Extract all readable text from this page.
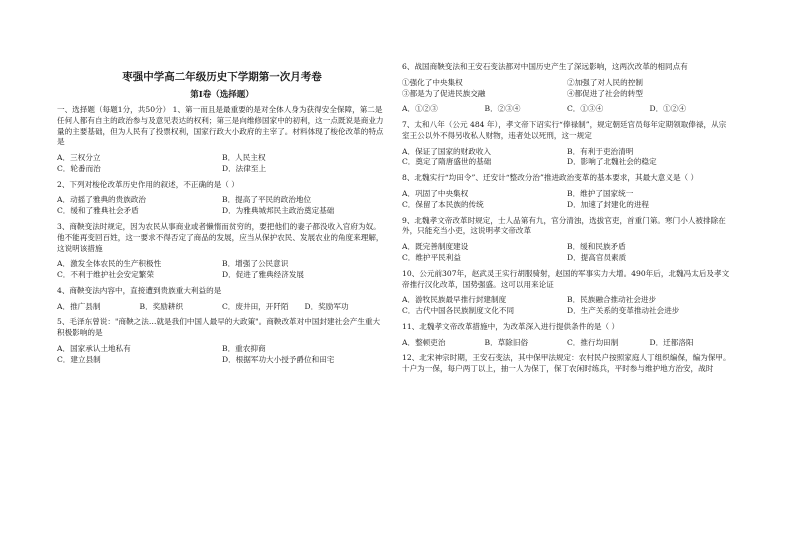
枣强中学高二年级历史下学期第一次月考卷
第Ⅰ卷（选择题）

一、选择题（每题1分，共50分） 1、第一而且是最重要的是对全体人身为获得安全保障，第二是任何人都有自主的政治参与及意见表达的权利；第三是向维修国家中的初利，这一点既说是商业力量的主要基础，但为人民有了投票权利，国家行政大小政府的主宰了。材料体现了梭伦改革的特点是

A．三权分立	B．人民主权
C．轮番而治	D．法律至上

2、下列对梭伦改革历史作用的叙述，不正确的是（ ）

A．动摇了雅典的贵族政治	B．提高了平民的政治地位
C．缓和了雅典社会矛盾	D．为雅典城邦民主政治奠定基础

3、商鞅变法时规定，因为农民从事商业或者懒惰而贫穷的，要把他们的妻子都没收入官府为奴。他不能再变回百姓，这一要求不得否定了商品的发展，应当从保护农民、发展农业的角度来理解，这说明该措施

A．激发全体农民的生产积极性	B．增强了公民意识
C．不利于维护社会安定繁荣	D．促进了雅典经济发展

4、商鞅变法内容中，直接遭到贵族重大利益的是

A．推广县制	B．奖励耕织	C．废井田，开阡陌	D．奖励军功

5、毛泽东曾说："商鞅之法…就是我们中国人最早的大政策"。商鞅改革对中国封建社会产生重大积极影响的是

A．国家承认土地私有	B．重农抑商
C．建立县制	D．根据军功大小授予爵位和田宅

6、战国商鞅变法和王安石变法都对中国历史产生了深远影响，这两次改革的相同点有

①强化了中央集权	②加强了对人民的控制
③都是为了促进民族交融	④都促进了社会的转型
A．①②③	B．②③④	C．①③④	D．①②④

7、太和八年（公元 484 年），孝文帝下诏实行“俸禄制”，规定朝廷官员每年定期领取俸禄，从宗室王公以外不得另收私人财物，违者处以死刑，这一规定

A．保证了国家的财政收入	B．有利于吏治清明
C．奠定了隋唐盛世的基础	D．影响了北魏社会的稳定

8、北魏实行“均田令”、迁安计“整改分治”推进政治变革的基本要求，其最大意义是（ ）

A．巩固了中央集权	B．维护了国家统一
C．保留了本民族的传统	D．加速了封建化的进程

9、北魏孝文帝改革时规定，士人品第有九，官分清浊，选拔官吏，首重门第。寒门小人被排除在外，只能充当小吏，这说明孝文帝改革

A．既完善制度建设	B．缓和民族矛盾
C．维护平民利益	D．提高官员素质

10、公元前307年，赵武灵王实行胡服骑射，赵国的军事实力大增。490年后，北魏冯太后及孝文帝推行汉化改革，国势强盛。这可以用来论证

A．游牧民族最早推行封建制度	B．民族融合推动社会进步
C．古代中国各民族制度文化不同	D．生产关系的变革推动社会进步

11、北魏孝文帝改革措施中，为改革深入进行提供条件的是（ ）

A．整顿吏治	B．草除旧俗	C．推行均田制	D．迁都洛阳

12、北宋神宗时期，王安石变法，其中保甲法规定：农村民户按照家庭人丁组织编保，编为保甲。十户为一保，每户两丁以上，抽一人为保丁，保丁农闲时练兵，平时参与维护地方治安，战时
